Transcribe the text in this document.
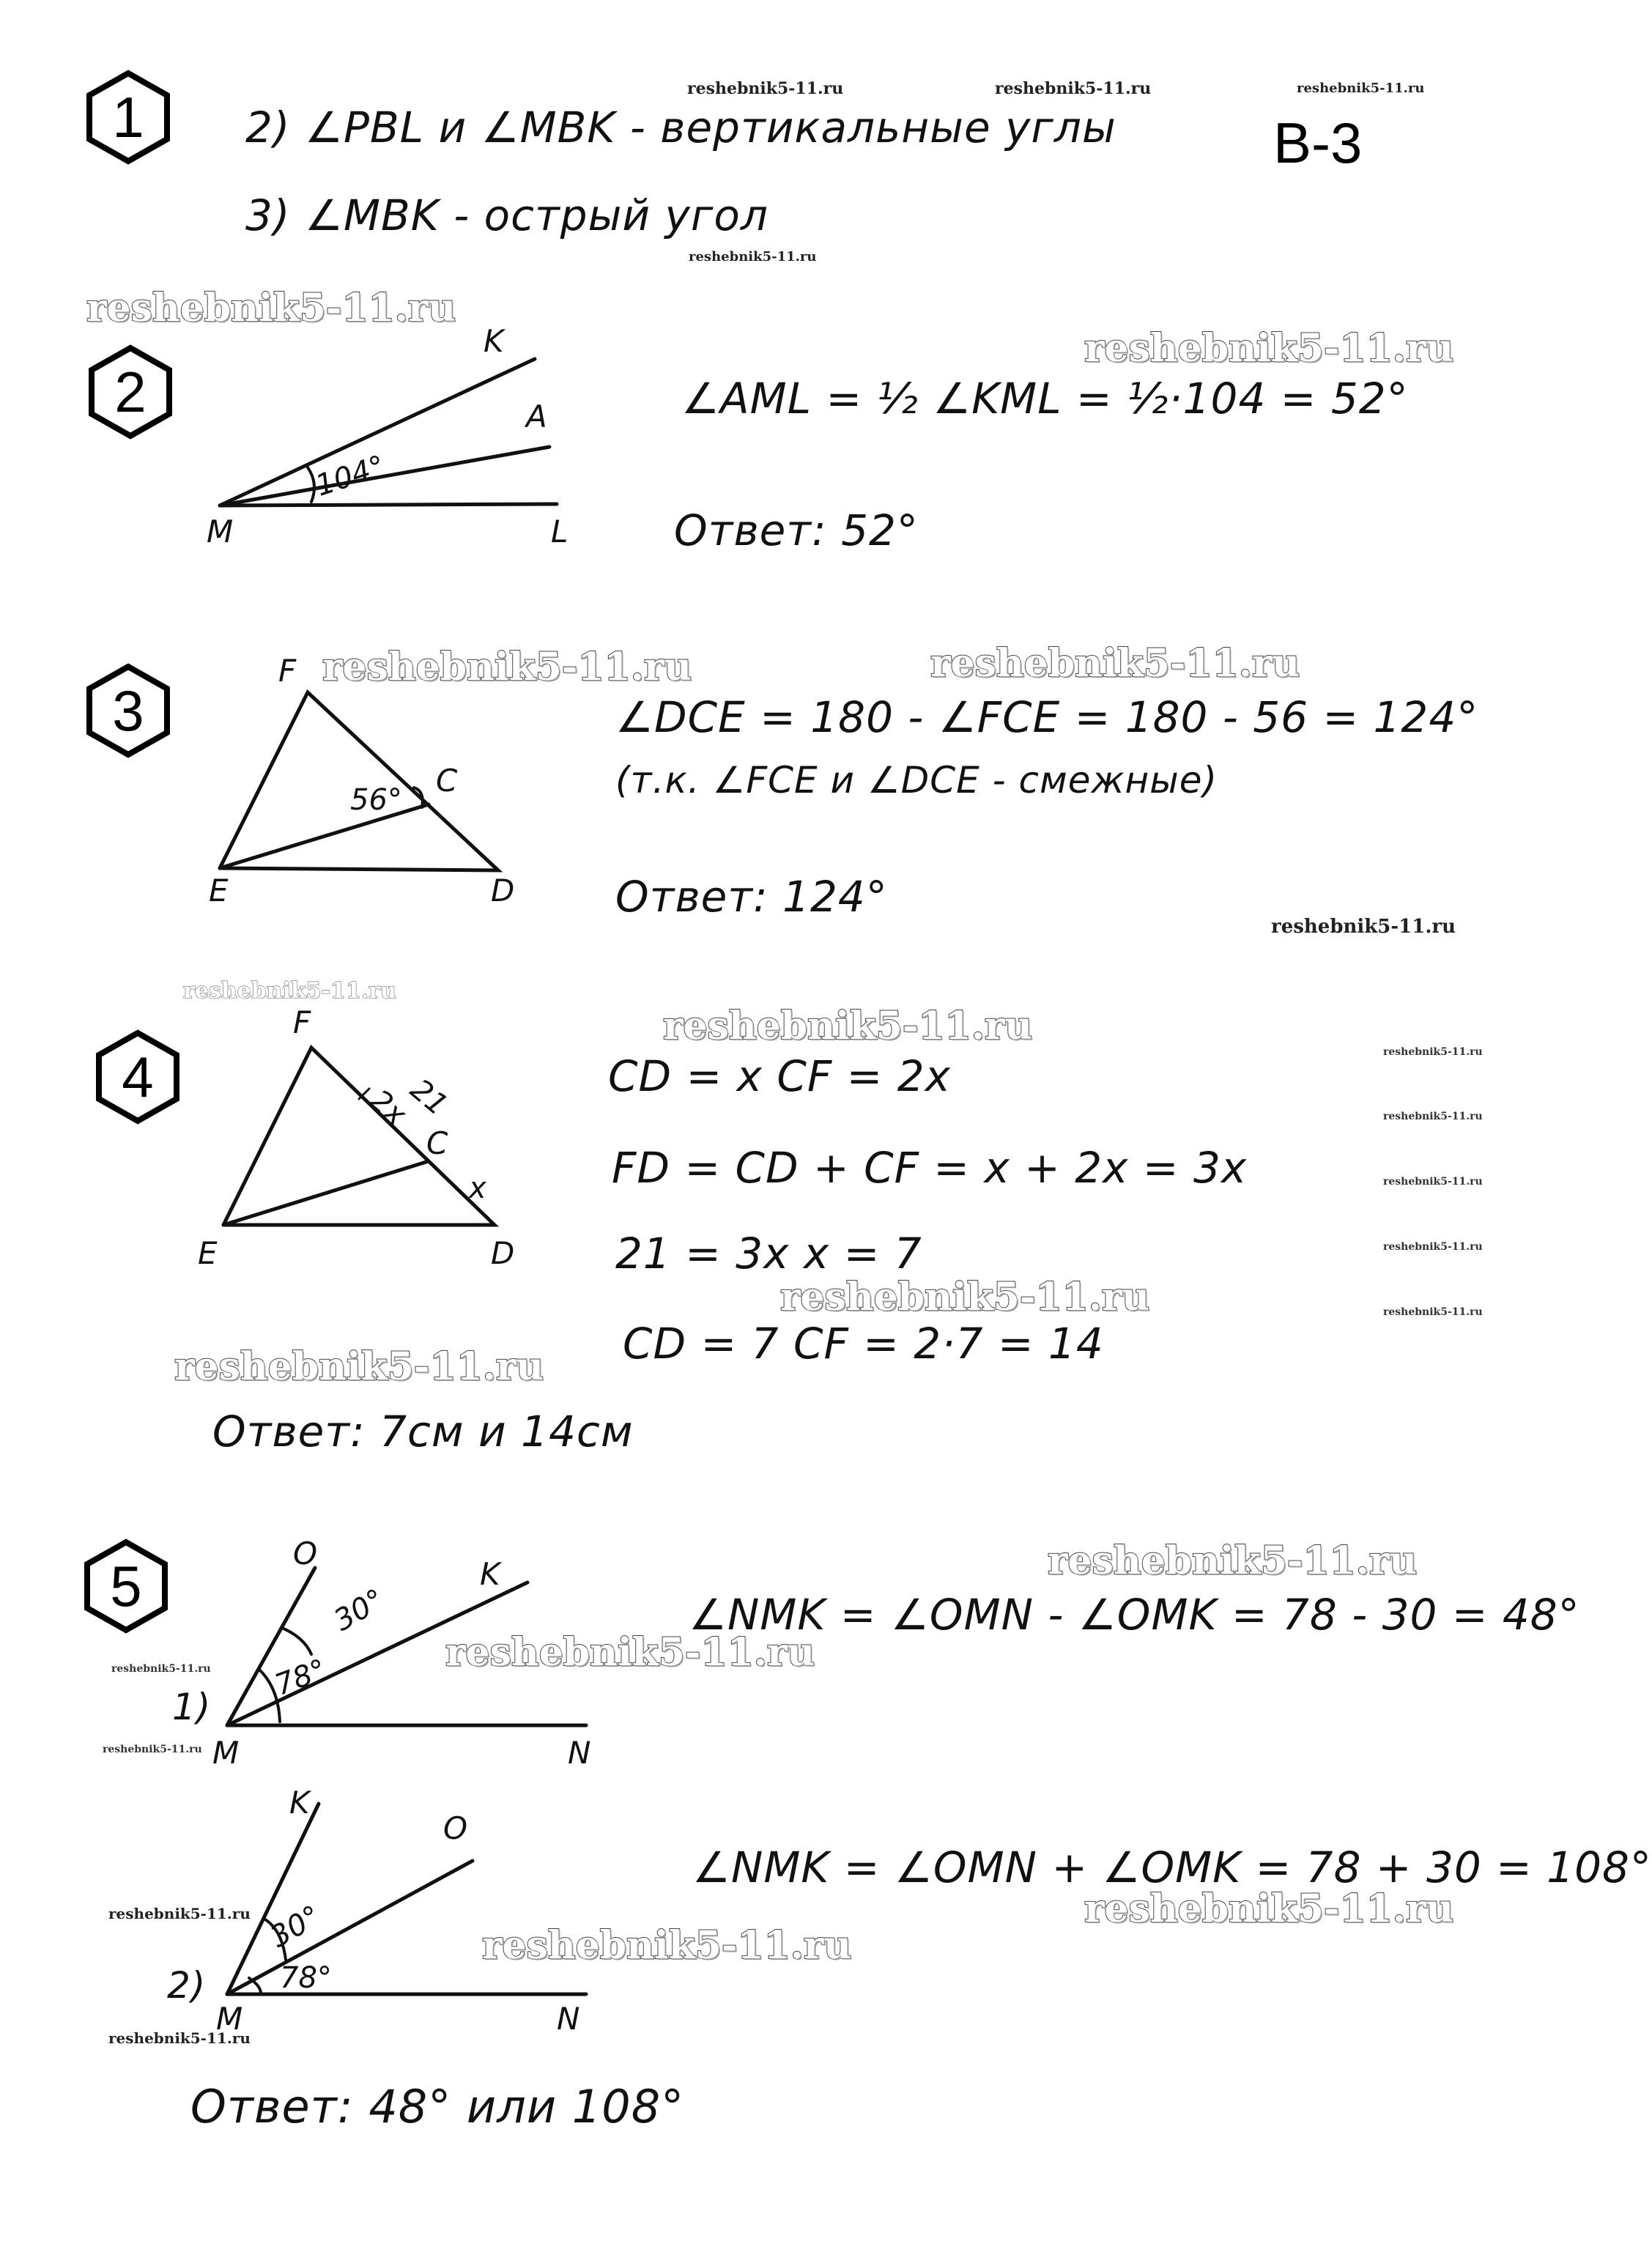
B-3
reshebnik5-11.ru	reshebnik5-11.ru	reshebnik5-11.ru
reshebnik5-11.ru
1	2) ∠PBL и ∠MBK - вертикальные углы
3) ∠MBK - острый угол
reshebnik5-11.ru
2
K
A
M	L
104°
reshebnik5-11.ru
∠AML = ½ ∠KML = ½·104 = 52°
Ответ: 52°
3
F
C
E	D
56°
reshebnik5-11.ru	reshebnik5-11.ru
∠DCE = 180 - ∠FCE = 180 - 56 = 124°
(т.к. ∠FCE и ∠DCE - смежные)
Ответ: 124°
reshebnik5-11.ru
reshebnik5-11.ru
4
F
C
E	D
2x
21
x
reshebnik5-11.ru
CD = x CF = 2x
FD = CD + CF = x + 2x = 3x
21 = 3x x = 7
reshebnik5-11.ru
CD = 7 CF = 2·7 = 14
reshebnik5-11.ru
Ответ: 7см и 14см
reshebnik5-11.ru
reshebnik5-11.ru
reshebnik5-11.ru
reshebnik5-11.ru
reshebnik5-11.ru
5	O
K
M	N
30°
78°
1)
reshebnik5-11.ru
reshebnik5-11.ru
∠NMK = ∠OMN - ∠OMK = 78 - 30 = 48°
reshebnik5-11.ru
reshebnik5-11.ru
K
O
M	N
30°
78°
2)
∠NMK = ∠OMN + ∠OMK = 78 + 30 = 108°
reshebnik5-11.ru
reshebnik5-11.ru
reshebnik5-11.ru
reshebnik5-11.ru
Ответ: 48° или 108°
